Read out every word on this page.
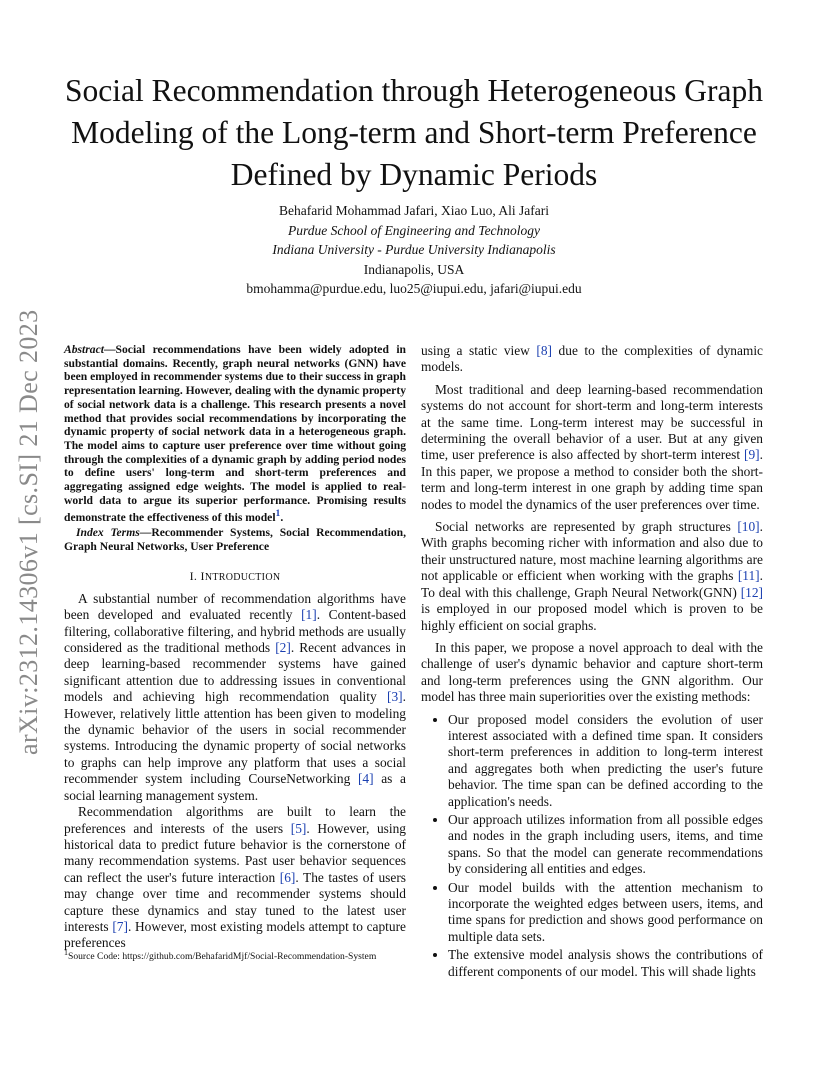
arXiv:2312.14306v1 [cs.SI] 21 Dec 2023
Social Recommendation through Heterogeneous Graph Modeling of the Long-term and Short-term Preference Defined by Dynamic Periods
Behafarid Mohammad Jafari, Xiao Luo, Ali Jafari
Purdue School of Engineering and Technology
Indiana University - Purdue University Indianapolis
Indianapolis, USA
bmohamma@purdue.edu, luo25@iupui.edu, jafari@iupui.edu

Abstract—Social recommendations have been widely adopted in substantial domains. Recently, graph neural networks (GNN) have been employed in recommender systems due to their success in graph representation learning. However, dealing with the dynamic property of social network data is a challenge. This research presents a novel method that provides social recommendations by incorporating the dynamic property of social network data in a heterogeneous graph. The model aims to capture user preference over time without going through the complexities of a dynamic graph by adding period nodes to define users' long-term and short-term preferences and aggregating assigned edge weights. The model is applied to real-world data to argue its superior performance. Promising results demonstrate the effectiveness of this model$^1$.

Index Terms—Recommender Systems, Social Recommendation, Graph Neural Networks, User Preference

I. INTRODUCTION

A substantial number of recommendation algorithms have been developed and evaluated recently [1]. Content-based filtering, collaborative filtering, and hybrid methods are usually considered as the traditional methods [2]. Recent advances in deep learning-based recommender systems have gained significant attention due to addressing issues in conventional models and achieving high recommendation quality [3]. However, relatively little attention has been given to modeling the dynamic behavior of the users in social recommender systems. Introducing the dynamic property of social networks to graphs can help improve any platform that uses a social recommender system including CourseNetworking [4] as a social learning management system.

Recommendation algorithms are built to learn the preferences and interests of the users [5]. However, using historical data to predict future behavior is the cornerstone of many recommendation systems. Past user behavior sequences can reflect the user's future interaction [6]. The tastes of users may change over time and recommender systems should capture these dynamics and stay tuned to the latest user interests [7]. However, most existing models attempt to capture preferences

$^1$Source Code: https://github.com/BehafaridMjf/Social-Recommendation-System

using a static view [8] due to the complexities of dynamic models.

Most traditional and deep learning-based recommendation systems do not account for short-term and long-term interests at the same time. Long-term interest may be successful in determining the overall behavior of a user. But at any given time, user preference is also affected by short-term interest [9]. In this paper, we propose a method to consider both the short-term and long-term interest in one graph by adding time span nodes to model the dynamics of the user preferences over time.

Social networks are represented by graph structures [10]. With graphs becoming richer with information and also due to their unstructured nature, most machine learning algorithms are not applicable or efficient when working with the graphs [11]. To deal with this challenge, Graph Neural Network(GNN) [12] is employed in our proposed model which is proven to be highly efficient on social graphs.

In this paper, we propose a novel approach to deal with the challenge of user's dynamic behavior and capture short-term and long-term preferences using the GNN algorithm. Our model has three main superiorities over the existing methods:

• Our proposed model considers the evolution of user interest associated with a defined time span. It considers short-term preferences in addition to long-term interest and aggregates both when predicting the user's future behavior. The time span can be defined according to the application's needs.
• Our approach utilizes information from all possible edges and nodes in the graph including users, items, and time spans. So that the model can generate recommendations by considering all entities and edges.
• Our model builds with the attention mechanism to incorporate the weighted edges between users, items, and time spans for prediction and shows good performance on multiple data sets.
• The extensive model analysis shows the contributions of different components of our model. This will shade lights
